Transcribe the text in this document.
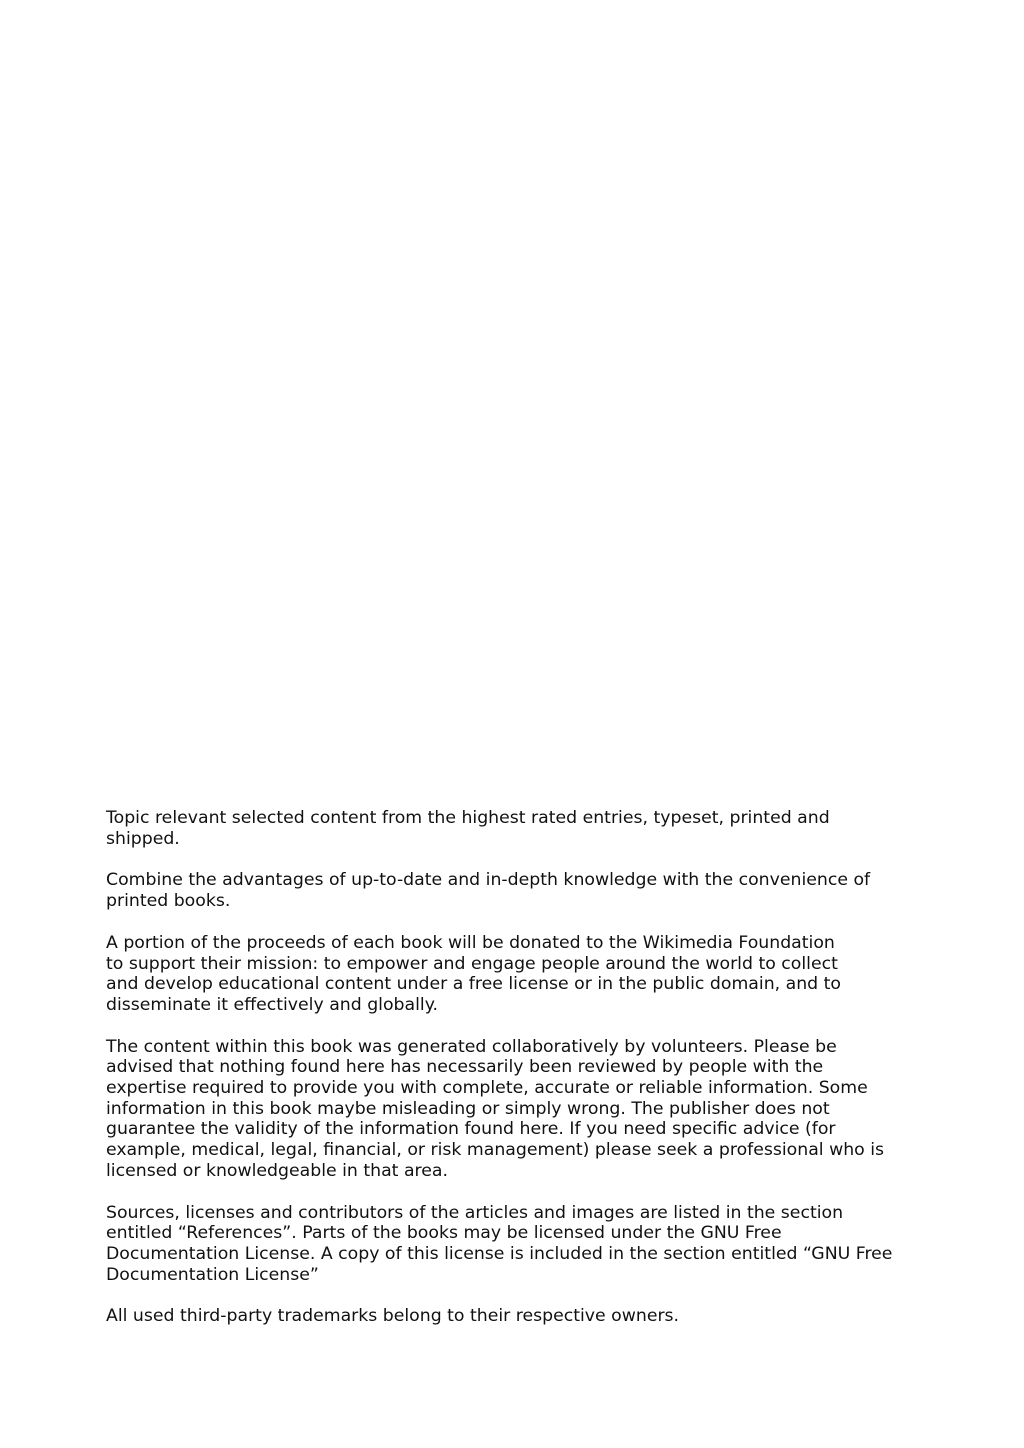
Topic relevant selected content from the highest rated entries, typeset, printed and
shipped.

Combine the advantages of up-to-date and in-depth knowledge with the convenience of
printed books.

A portion of the proceeds of each book will be donated to the Wikimedia Foundation
to support their mission: to empower and engage people around the world to collect
and develop educational content under a free license or in the public domain, and to
disseminate it effectively and globally.

The content within this book was generated collaboratively by volunteers. Please be
advised that nothing found here has necessarily been reviewed by people with the
expertise required to provide you with complete, accurate or reliable information. Some
information in this book maybe misleading or simply wrong. The publisher does not
guarantee the validity of the information found here. If you need specific advice (for
example, medical, legal, financial, or risk management) please seek a professional who is
licensed or knowledgeable in that area.

Sources, licenses and contributors of the articles and images are listed in the section
entitled “References”. Parts of the books may be licensed under the GNU Free
Documentation License. A copy of this license is included in the section entitled “GNU Free
Documentation License”

All used third-party trademarks belong to their respective owners.
